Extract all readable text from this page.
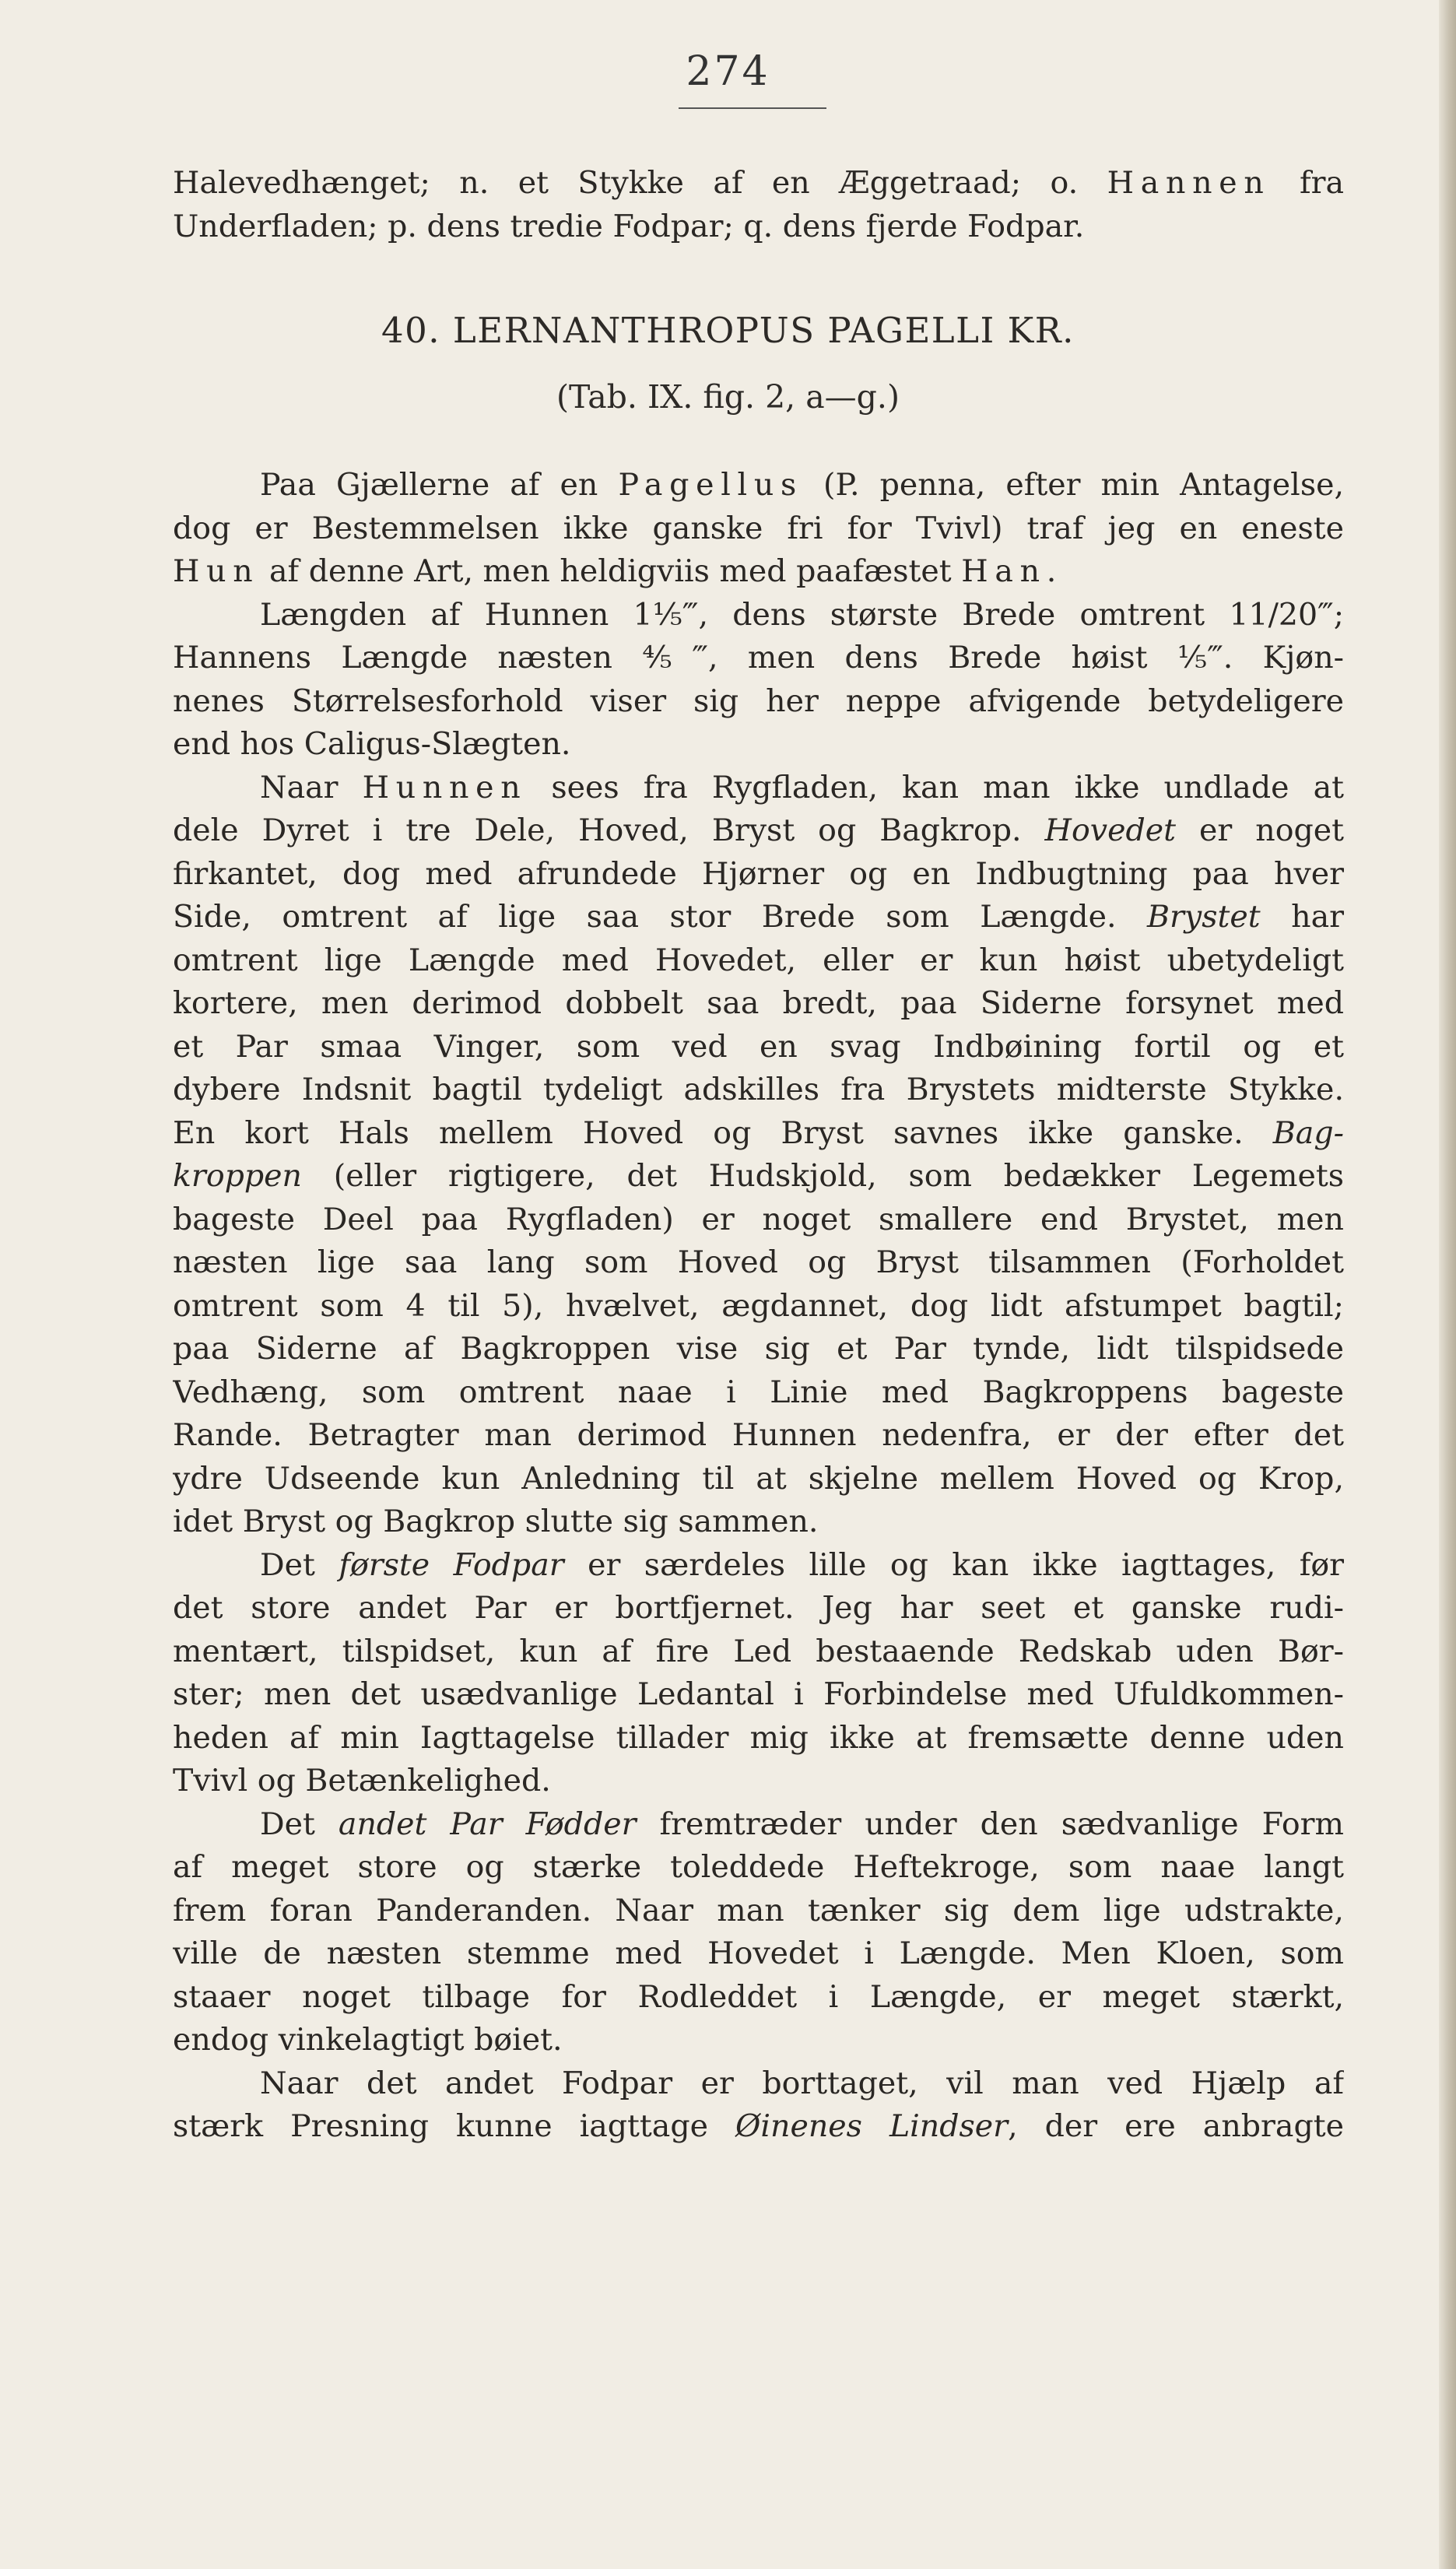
274
Halevedhænget; n. et Stykke af en Æggetraad; o. Hannen fra
Underfladen; p. dens tredie Fodpar; q. dens fjerde Fodpar.
40. LERNANTHROPUS PAGELLI KR.
(Tab. IX. fig. 2, a—g.)
Paa Gjællerne af en Pagellus (P. penna, efter min Antagelse,
dog er Bestemmelsen ikke ganske fri for Tvivl) traf jeg en eneste
Hun af denne Art, men heldigviis med paafæstet Han.
Længden af Hunnen 1⅕‴, dens største Brede omtrent 11/20‴;
Hannens Længde næsten ⅘‴, men dens Brede høist ⅕‴. Kjøn-
nenes Størrelsesforhold viser sig her neppe afvigende betydeligere
end hos Caligus-Slægten.
Naar Hunnen sees fra Rygfladen, kan man ikke undlade at
dele Dyret i tre Dele, Hoved, Bryst og Bagkrop. Hovedet er noget
firkantet, dog med afrundede Hjørner og en Indbugtning paa hver
Side, omtrent af lige saa stor Brede som Længde. Brystet har
omtrent lige Længde med Hovedet, eller er kun høist ubetydeligt
kortere, men derimod dobbelt saa bredt, paa Siderne forsynet med
et Par smaa Vinger, som ved en svag Indbøining fortil og et
dybere Indsnit bagtil tydeligt adskilles fra Brystets midterste Stykke.
En kort Hals mellem Hoved og Bryst savnes ikke ganske. Bag-
kroppen (eller rigtigere, det Hudskjold, som bedækker Legemets
bageste Deel paa Rygfladen) er noget smallere end Brystet, men
næsten lige saa lang som Hoved og Bryst tilsammen (Forholdet
omtrent som 4 til 5), hvælvet, ægdannet, dog lidt afstumpet bagtil;
paa Siderne af Bagkroppen vise sig et Par tynde, lidt tilspidsede
Vedhæng, som omtrent naae i Linie med Bagkroppens bageste
Rande. Betragter man derimod Hunnen nedenfra, er der efter det
ydre Udseende kun Anledning til at skjelne mellem Hoved og Krop,
idet Bryst og Bagkrop slutte sig sammen.
Det første Fodpar er særdeles lille og kan ikke iagttages, før
det store andet Par er bortfjernet. Jeg har seet et ganske rudi-
mentært, tilspidset, kun af fire Led bestaaende Redskab uden Bør-
ster; men det usædvanlige Ledantal i Forbindelse med Ufuldkommen-
heden af min Iagttagelse tillader mig ikke at fremsætte denne uden
Tvivl og Betænkelighed.
Det andet Par Fødder fremtræder under den sædvanlige Form
af meget store og stærke toleddede Heftekroge, som naae langt
frem foran Panderanden. Naar man tænker sig dem lige udstrakte,
ville de næsten stemme med Hovedet i Længde. Men Kloen, som
staaer noget tilbage for Rodleddet i Længde, er meget stærkt,
endog vinkelagtigt bøiet.
Naar det andet Fodpar er borttaget, vil man ved Hjælp af
stærk Presning kunne iagttage Øinenes Lindser, der ere anbragte
